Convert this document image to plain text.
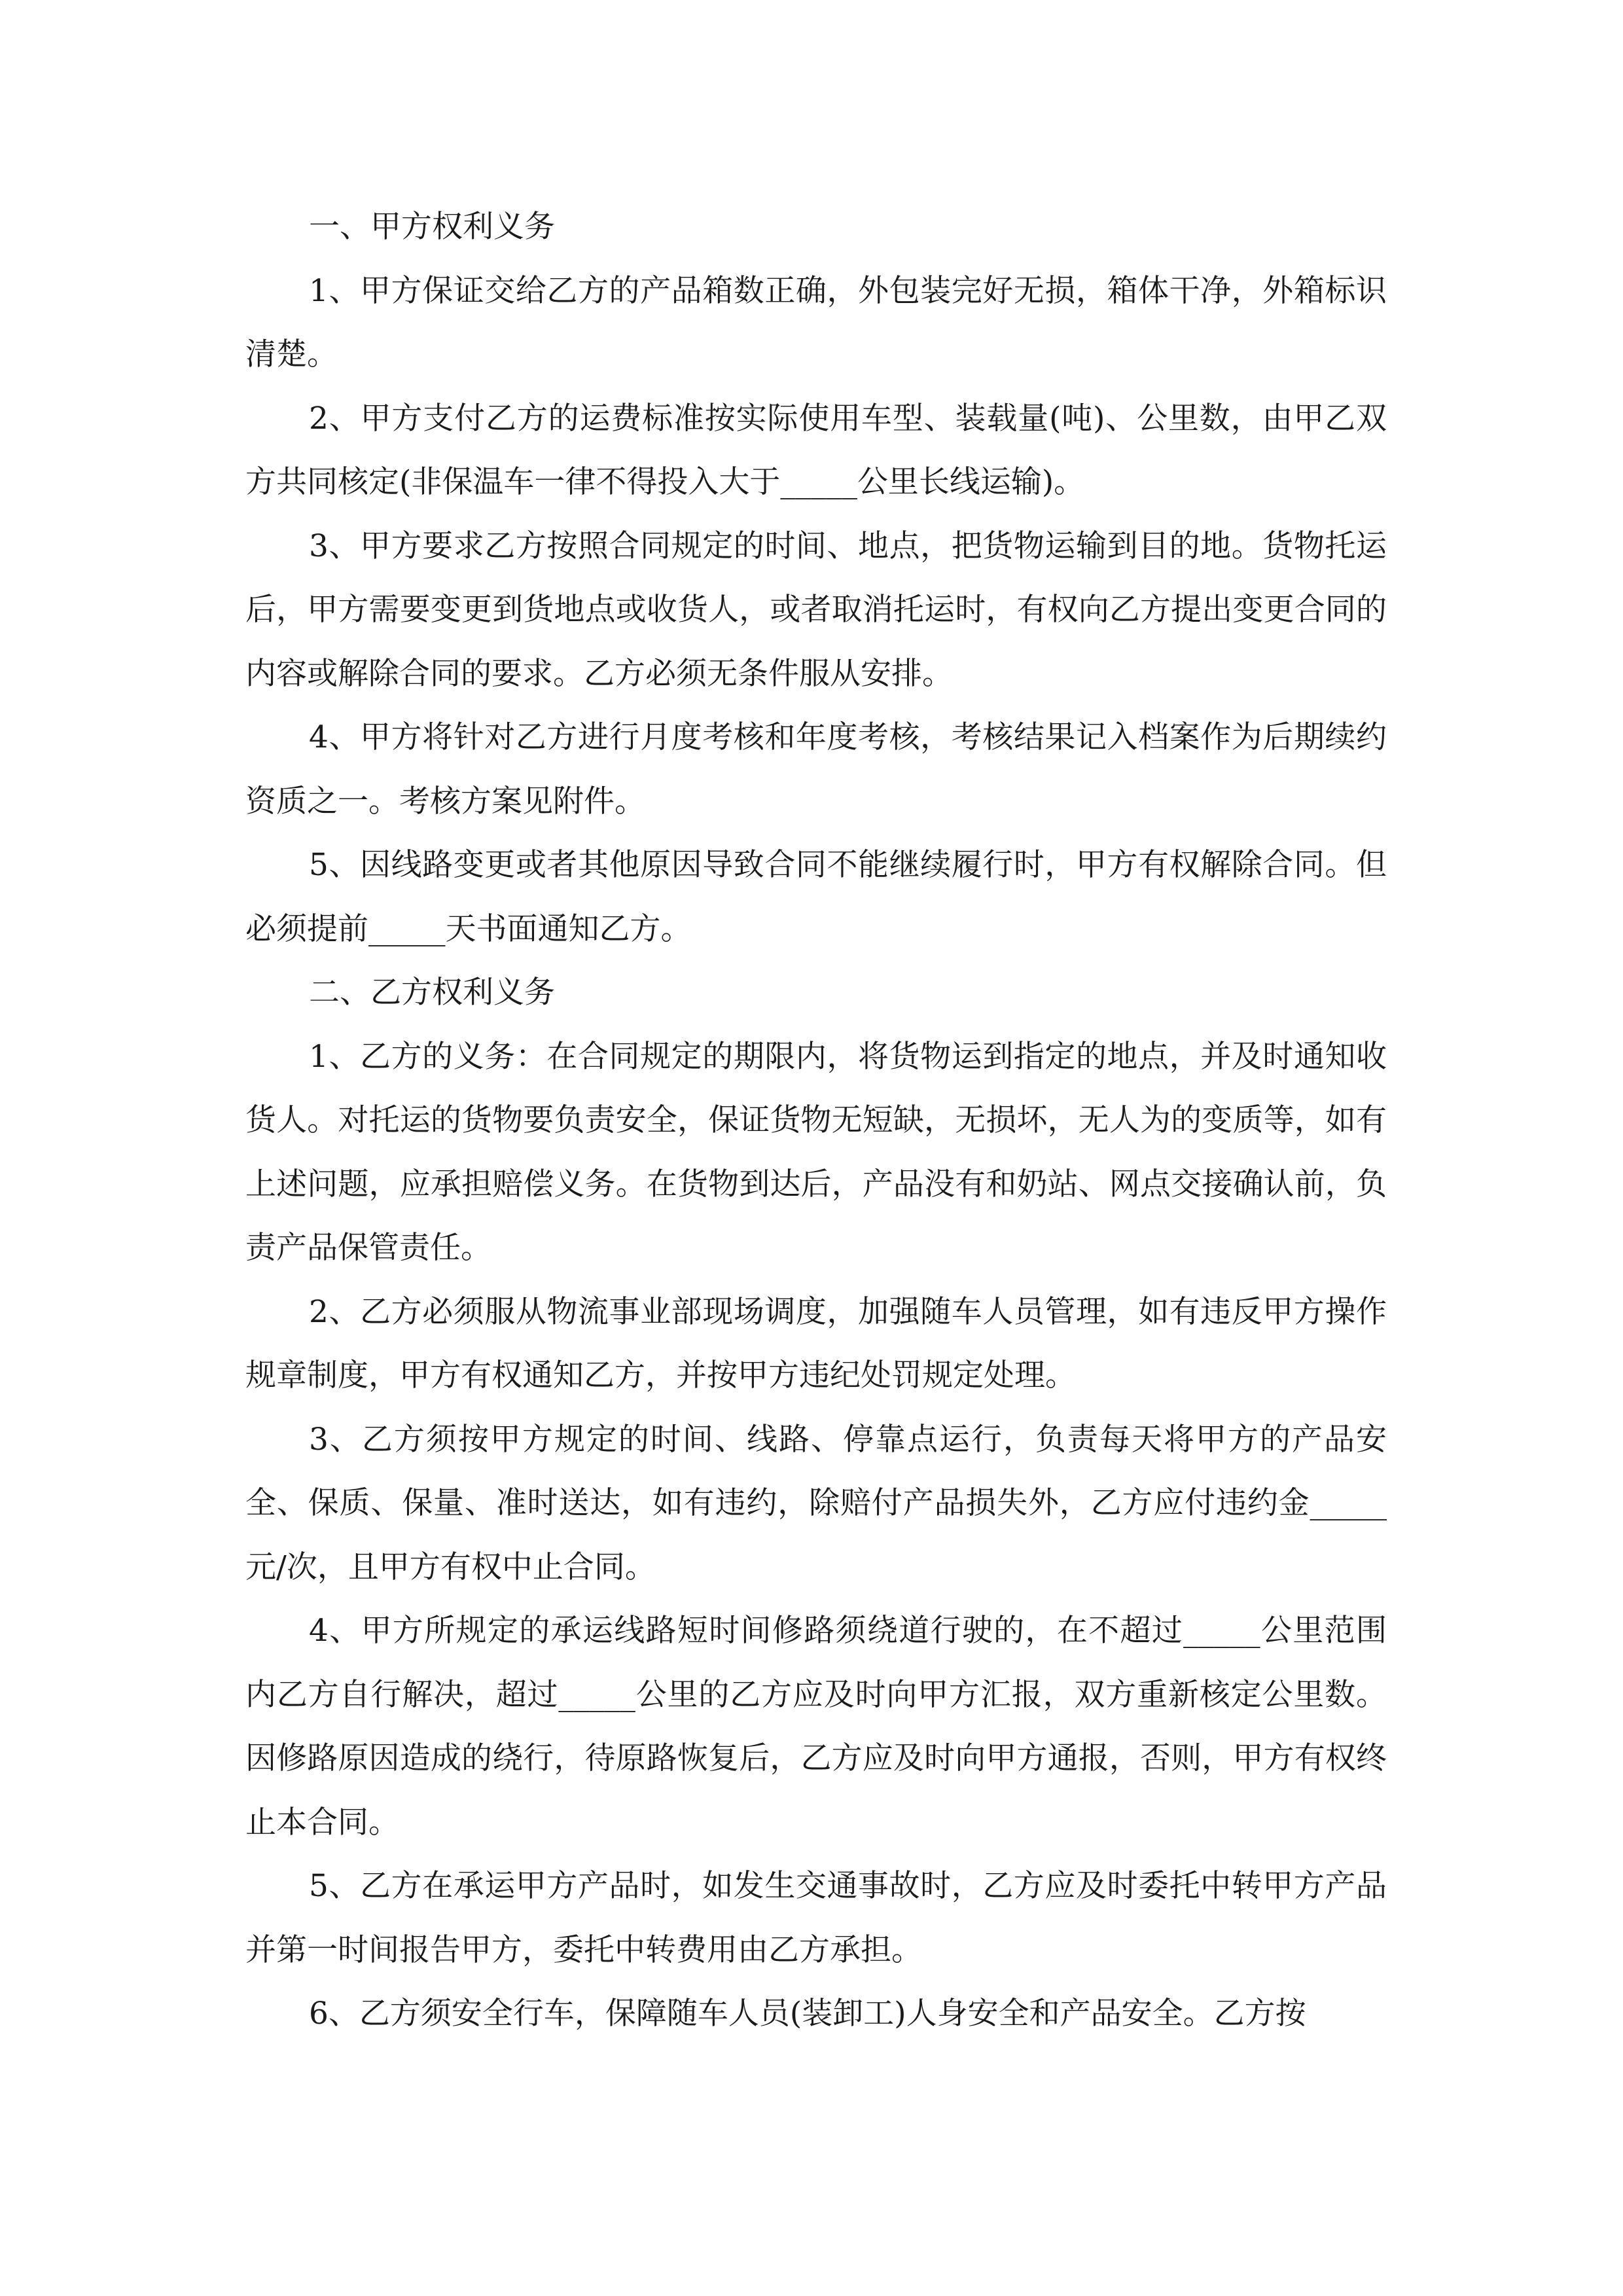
一、甲方权利义务

1、甲方保证交给乙方的产品箱数正确，外包装完好无损，箱体干净，外箱标识清楚。

2、甲方支付乙方的运费标准按实际使用车型、装载量(吨)、公里数，由甲乙双方共同核定(非保温车一律不得投入大于_____公里长线运输)。

3、甲方要求乙方按照合同规定的时间、地点，把货物运输到目的地。货物托运后，甲方需要变更到货地点或收货人，或者取消托运时，有权向乙方提出变更合同的内容或解除合同的要求。乙方必须无条件服从安排。

4、甲方将针对乙方进行月度考核和年度考核，考核结果记入档案作为后期续约资质之一。考核方案见附件。

5、因线路变更或者其他原因导致合同不能继续履行时，甲方有权解除合同。但必须提前_____天书面通知乙方。

二、乙方权利义务

1、乙方的义务：在合同规定的期限内，将货物运到指定的地点，并及时通知收货人。对托运的货物要负责安全，保证货物无短缺，无损坏，无人为的变质等，如有上述问题，应承担赔偿义务。在货物到达后，产品没有和奶站、网点交接确认前，负责产品保管责任。

2、乙方必须服从物流事业部现场调度，加强随车人员管理，如有违反甲方操作规章制度，甲方有权通知乙方，并按甲方违纪处罚规定处理。

3、乙方须按甲方规定的时间、线路、停靠点运行，负责每天将甲方的产品安全、保质、保量、准时送达，如有违约，除赔付产品损失外，乙方应付违约金_____元/次，且甲方有权中止合同。

4、甲方所规定的承运线路短时间修路须绕道行驶的，在不超过_____公里范围内乙方自行解决，超过_____公里的乙方应及时向甲方汇报，双方重新核定公里数。因修路原因造成的绕行，待原路恢复后，乙方应及时向甲方通报，否则，甲方有权终止本合同。

5、乙方在承运甲方产品时，如发生交通事故时，乙方应及时委托中转甲方产品并第一时间报告甲方，委托中转费用由乙方承担。

6、乙方须安全行车，保障随车人员(装卸工)人身安全和产品安全。乙方按
